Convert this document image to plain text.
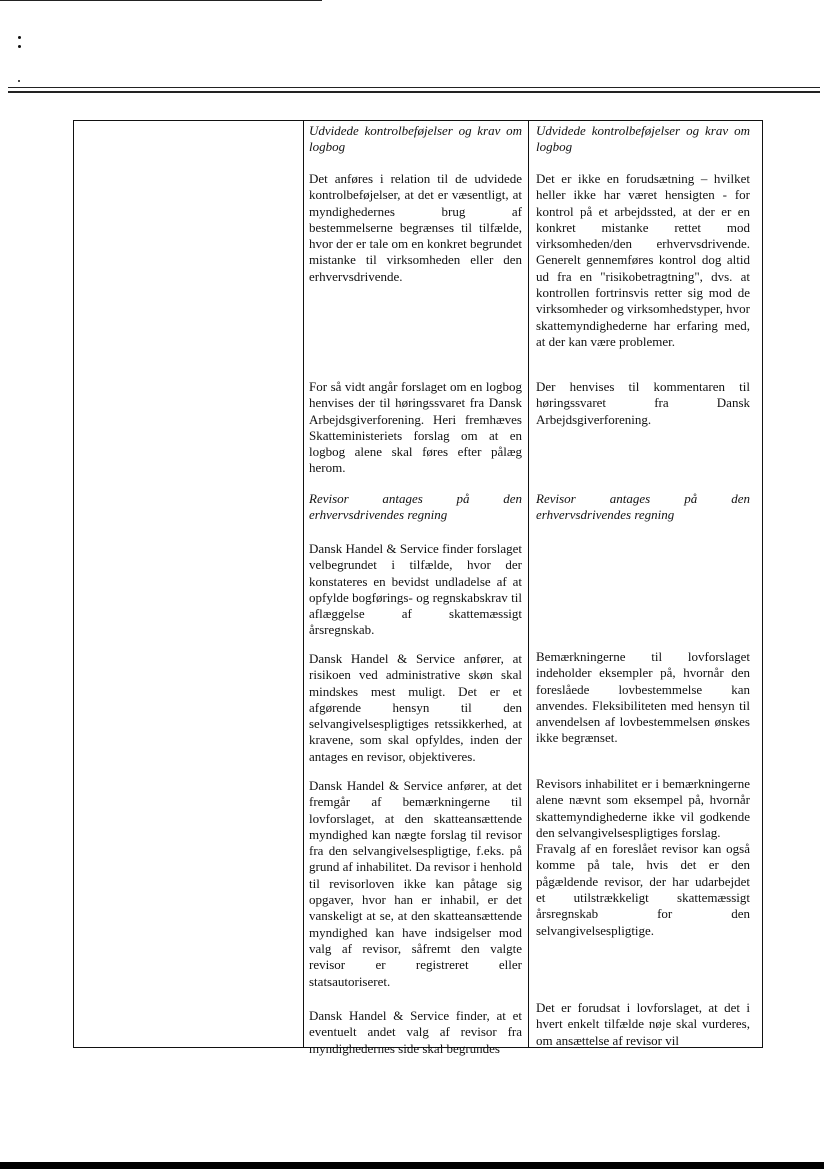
Udvidede kontrolbeføjelser og krav om logbog

Udvidede kontrolbeføjelser og krav om logbog

Det anføres i relation til de udvidede kontrolbeføjelser, at det er væsentligt, at myndighedernes brug af bestemmelserne begrænses til tilfælde, hvor der er tale om en konkret begrundet mistanke til virksomheden eller den erhvervsdrivende.

Det er ikke en forudsætning – hvilket heller ikke har været hensigten - for kontrol på et arbejdssted, at der er en konkret mistanke rettet mod virksomheden/den erhvervsdrivende. Generelt gennemføres kontrol dog altid ud fra en "risikobetragtning", dvs. at kontrollen fortrinsvis retter sig mod de virksomheder og virksomhedstyper, hvor skattemyndighederne har erfaring med, at der kan være problemer.

For så vidt angår forslaget om en logbog henvises der til høringssvaret fra Dansk Arbejdsgiverforening. Heri fremhæves Skatteministeriets forslag om at en logbog alene skal føres efter pålæg herom.

Der henvises til kommentaren til høringssvaret fra Dansk Arbejdsgiverforening.

Revisor antages på den erhvervsdrivendes regning

Revisor antages på den erhvervsdrivendes regning

Dansk Handel & Service finder forslaget velbegrundet i tilfælde, hvor der konstateres en bevidst undladelse af at opfylde bogførings- og regnskabskrav til aflæggelse af skattemæssigt årsregnskab.

Dansk Handel & Service anfører, at risikoen ved administrative skøn skal mindskes mest muligt. Det er et afgørende hensyn til den selvangivelsespligtiges retssikkerhed, at kravene, som skal opfyldes, inden der antages en revisor, objektiveres.

Bemærkningerne til lovforslaget indeholder eksempler på, hvornår den foreslåede lovbestemmelse kan anvendes. Fleksibiliteten med hensyn til anvendelsen af lovbestemmelsen ønskes ikke begrænset.

Dansk Handel & Service anfører, at det fremgår af bemærkningerne til lovforslaget, at den skatteansættende myndighed kan nægte forslag til revisor fra den selvangivelsespligtige, f.eks. på grund af inhabilitet. Da revisor i henhold til revisorloven ikke kan påtage sig opgaver, hvor han er inhabil, er det vanskeligt at se, at den skatteansættende myndighed kan have indsigelser mod valg af revisor, såfremt den valgte revisor er registreret eller statsautoriseret.

Revisors inhabilitet er i bemærkningerne alene nævnt som eksempel på, hvornår skattemyndighederne ikke vil godkende den selvangivelsespligtiges forslag.

Fravalg af en foreslået revisor kan også komme på tale, hvis det er den pågældende revisor, der har udarbejdet et utilstrækkeligt skattemæssigt årsregnskab for den selvangivelsespligtige.

Dansk Handel & Service finder, at et eventuelt andet valg af revisor fra myndighedernes side skal begrundes

Det er forudsat i lovforslaget, at det i hvert enkelt tilfælde nøje skal vurderes, om ansættelse af revisor vil
